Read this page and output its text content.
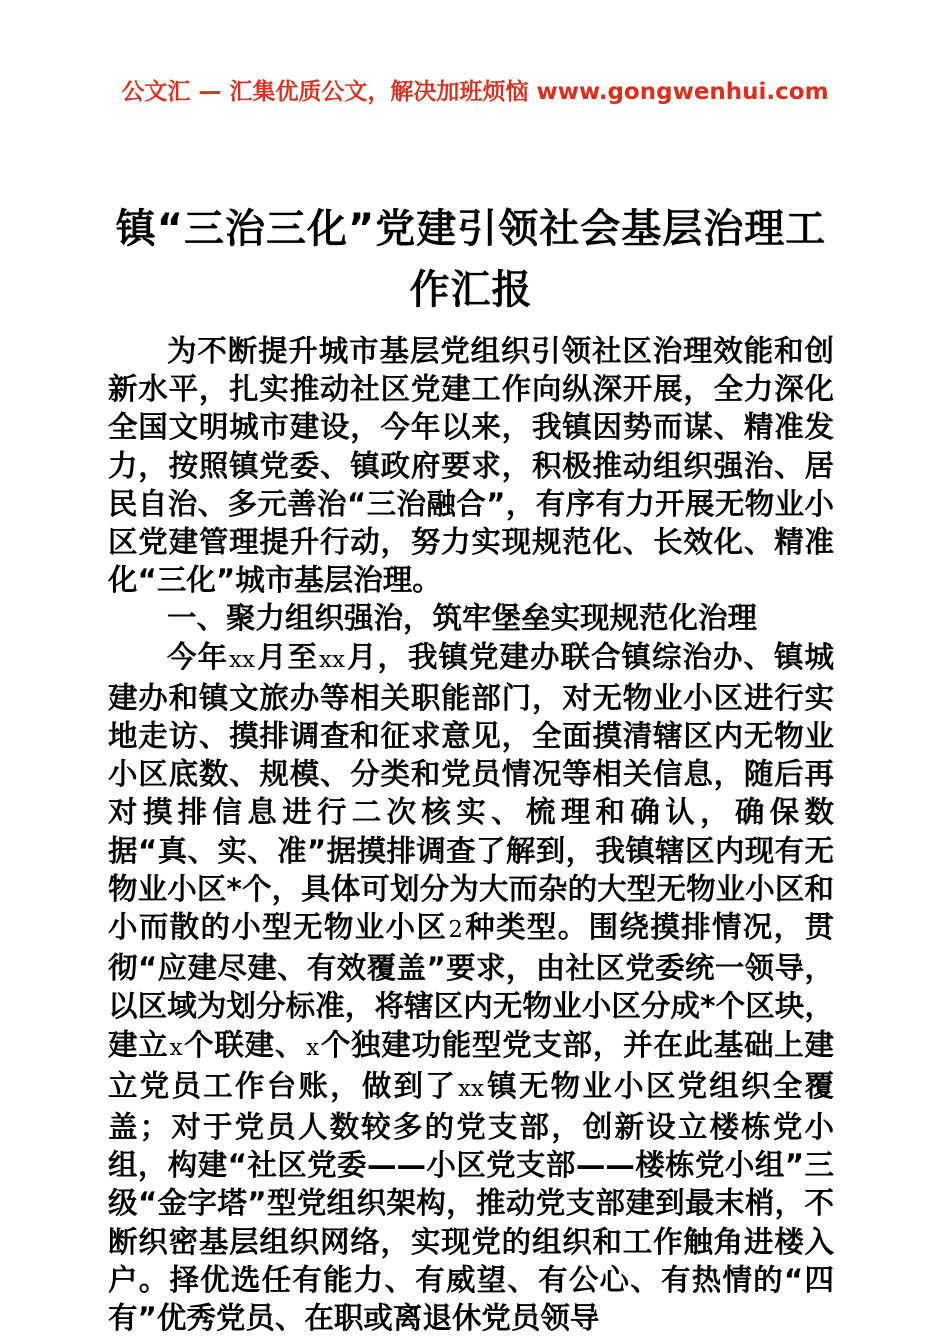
公文汇 — 汇集优质公文，解决加班烦恼 www.gongwenhui.com
镇“三治三化”党建引领社会基层治理工作汇报

为不断提升城市基层党组织引领社区治理效能和创新水平，扎实推动社区党建工作向纵深开展，全力深化全国文明城市建设，今年以来，我镇因势而谋、精准发力，按照镇党委、镇政府要求，积极推动组织强治、居民自治、多元善治“三治融合”，有序有力开展无物业小区党建管理提升行动，努力实现规范化、长效化、精准化“三化”城市基层治理。

一、聚力组织强治，筑牢堡垒实现规范化治理

今年xx月至xx月，我镇党建办联合镇综治办、镇城建办和镇文旅办等相关职能部门，对无物业小区进行实地走访、摸排调查和征求意见，全面摸清辖区内无物业小区底数、规模、分类和党员情况等相关信息，随后再对摸排信息进行二次核实、梳理和确认，确保数据“真、实、准”据摸排调查了解到，我镇辖区内现有无物业小区*个，具体可划分为大而杂的大型无物业小区和小而散的小型无物业小区2种类型。围绕摸排情况，贯彻“应建尽建、有效覆盖”要求，由社区党委统一领导，以区域为划分标准，将辖区内无物业小区分成*个区块，建立x个联建、x个独建功能型党支部，并在此基础上建立党员工作台账，做到了xx镇无物业小区党组织全覆盖；对于党员人数较多的党支部，创新设立楼栋党小组，构建“社区党委——小区党支部——楼栋党小组”三级“金字塔”型党组织架构，推动党支部建到最末梢，不断织密基层组织网络，实现党的组织和工作触角进楼入户。择优选任有能力、有威望、有公心、有热情的“四有”优秀党员、在职或离退休党员领导
